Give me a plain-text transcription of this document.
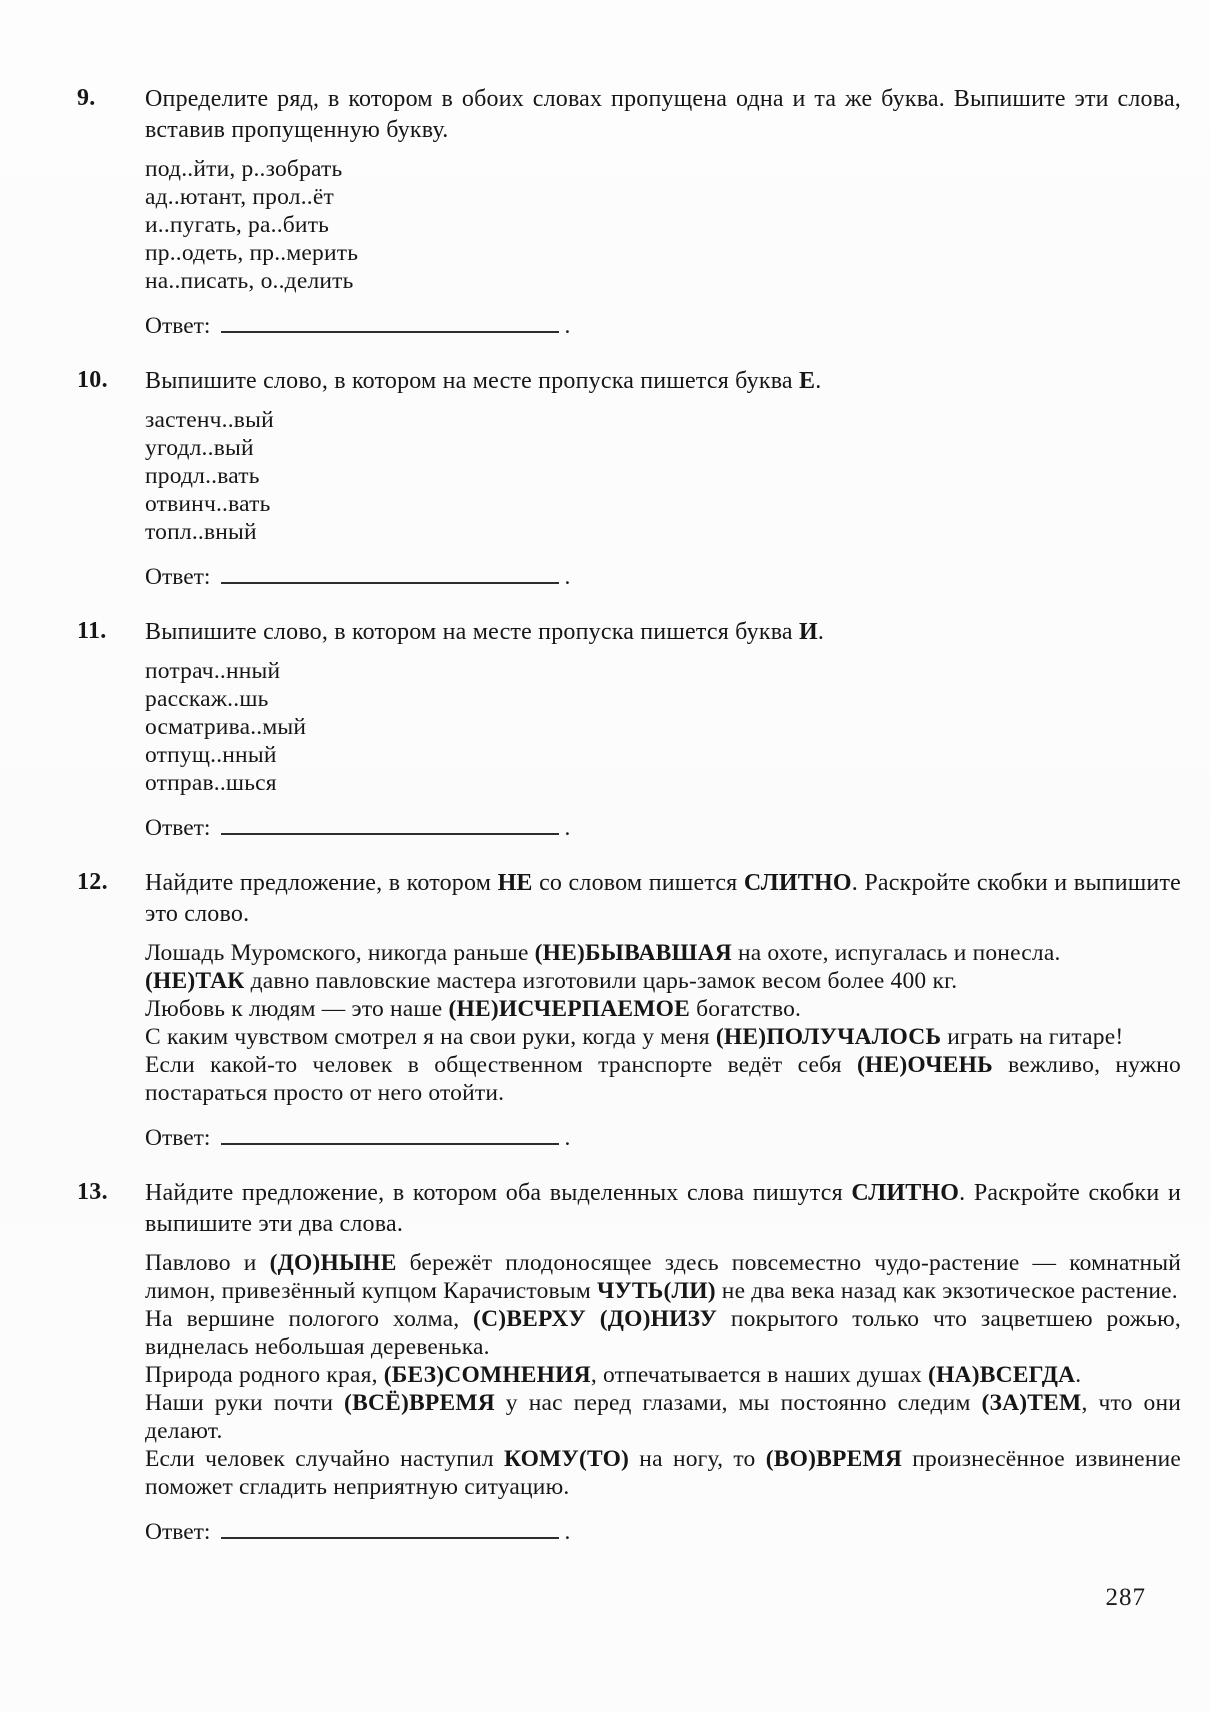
9.	Определите ряд, в котором в обоих словах пропущена одна и та же буква. Выпишите эти слова, вставив пропущенную букву.

под..йти, р..зобрать

ад..ютант, прол..ёт

и..пугать, ра..бить

пр..одеть, пр..мерить

на..писать, о..делить

Ответ:	.
10.	Выпишите слово, в котором на месте пропуска пишется буква Е.

застенч..вый

угодл..вый

продл..вать

отвинч..вать

топл..вный

Ответ:	.
11.	Выпишите слово, в котором на месте пропуска пишется буква И.

потрач..нный

расскаж..шь

осматрива..мый

отпущ..нный

отправ..шься

Ответ:	.
12.	Найдите предложение, в котором НЕ со словом пишется СЛИТНО. Раскройте скобки и выпишите это слово.

Лошадь Муромского, никогда раньше (НЕ)БЫВАВШАЯ на охоте, испугалась и понесла.

(НЕ)ТАК давно павловские мастера изготовили царь-замок весом более 400 кг.

Любовь к людям — это наше (НЕ)ИСЧЕРПАЕМОЕ богатство.

С каким чувством смотрел я на свои руки, когда у меня (НЕ)ПОЛУЧАЛОСЬ играть на гитаре!

Если какой-то человек в общественном транспорте ведёт себя (НЕ)ОЧЕНЬ вежливо, нужно постараться просто от него отойти.

Ответ:	.
13.	Найдите предложение, в котором оба выделенных слова пишутся СЛИТНО. Раскройте скобки и выпишите эти два слова.

Павлово и (ДО)НЫНЕ бережёт плодоносящее здесь повсеместно чудо-растение — комнатный лимон, привезённый купцом Карачистовым ЧУТЬ(ЛИ) не два века назад как экзотическое растение.

На вершине пологого холма, (С)ВЕРХУ (ДО)НИЗУ покрытого только что зацветшею рожью, виднелась небольшая деревенька.

Природа родного края, (БЕЗ)СОМНЕНИЯ, отпечатывается в наших душах (НА)ВСЕГДА.

Наши руки почти (ВСЁ)ВРЕМЯ у нас перед глазами, мы постоянно следим (ЗА)ТЕМ, что они делают.

Если человек случайно наступил КОМУ(ТО) на ногу, то (ВО)ВРЕМЯ произнесённое извинение поможет сгладить неприятную ситуацию.

Ответ:	.
287
